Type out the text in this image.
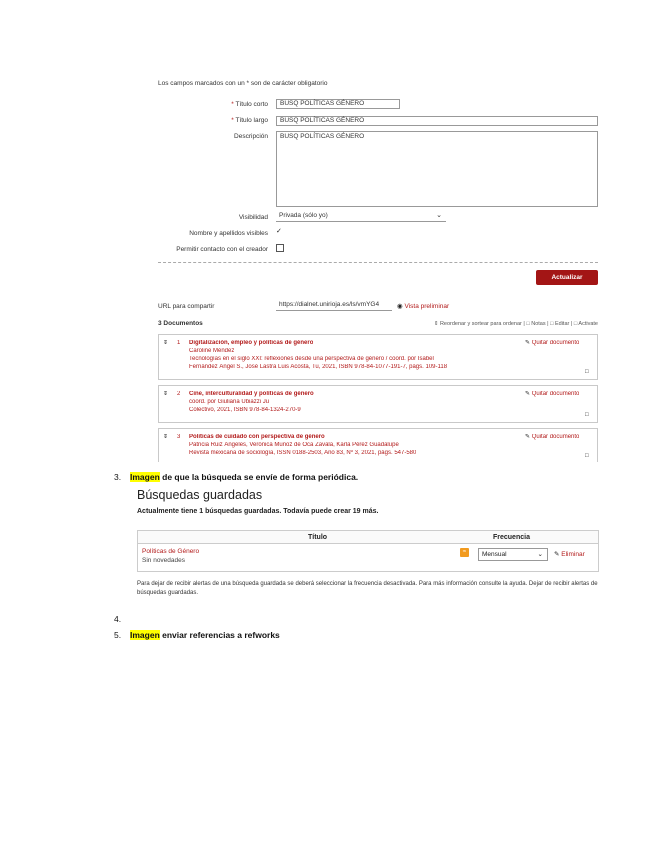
Los campos marcados con un * son de carácter obligatorio
* Título corto	BUSQ POLÍTICAS GÉNERO
* Título largo	BUSQ POLÍTICAS GÉNERO
Descripción	BUSQ POLÍTICAS GÉNERO
Visibilidad	Privada (sólo yo)	⌄
Nombre y apellidos visibles ✓
Permitir contacto con el creador
Actualizar
URL para compartir	https://dialnet.unirioja.es/ls/vmYG4	◉ Vista preliminar
3 Documentos	⇕ Reordenar y sortear para ordenar | □ Notas | □ Editar | □ Activate
⇕ 1 Digitalización, empleo y políticas de género
Caroline Méndez
Tecnologías en el siglo XXI: reflexiones desde una perspectiva de género / coord. por Isabel
Fernández Ángel S., José Lastra Luis Acosta, Tu, 2021, ISBN 978-84-1077-191-7, págs. 109-118
✎ Quitar documento
□
⇕ 2 Cine, interculturalidad y políticas de género
coord. por Giuliana Ubiazzi Ju
Colectivo, 2021, ISBN 978-84-1324-270-9
✎ Quitar documento
□
⇕ 3 Políticas de cuidado con perspectiva de género
Patricia Ruiz Ángeles, Verónica Munoz de Oca Zavala, Karla Pérez Guadalupe
Revista mexicana de sociología, ISSN 0188-2503, Año 83, Nº 3, 2021, págs. 547-580
✎ Quitar documento
□
3.	Imagen de que la búsqueda se envíe de forma periódica.
Búsquedas guardadas
Actualmente tiene 1 búsquedas guardadas. Todavía puede crear 19 más.
Título	Frecuencia
Políticas de Género
Sin novedades
≈	Mensual	⌄ ✎ Eliminar
Para dejar de recibir alertas de una búsqueda guardada se deberá seleccionar la frecuencia desactivada. Para más información consulte la ayuda. Dejar de recibir alertas de búsquedas guardadas.
4.
5.	Imagen enviar referencias a refworks
